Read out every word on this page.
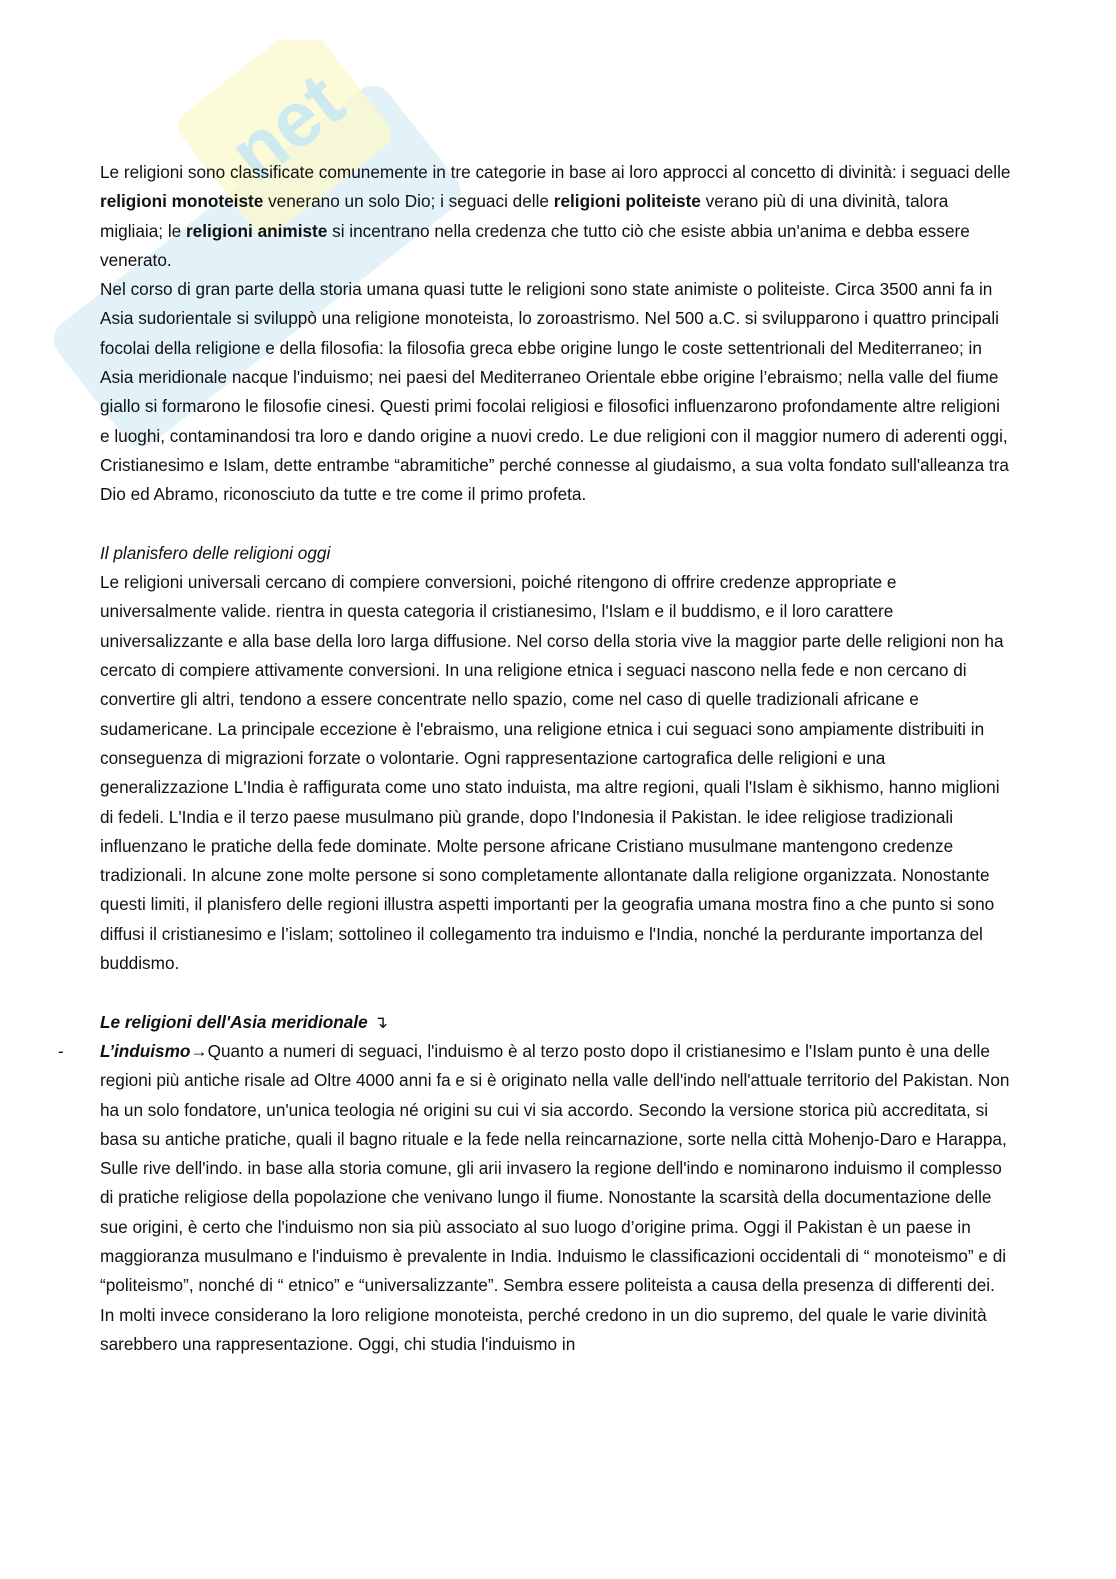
net

Le religioni sono classificate comunemente in tre categorie in base ai loro approcci al concetto di divinità: i seguaci delle religioni monoteiste venerano un solo Dio; i seguaci delle religioni politeiste verano più di una divinità, talora migliaia; le religioni animiste si incentrano nella credenza che tutto ciò che esiste abbia un'anima e debba essere venerato.

Nel corso di gran parte della storia umana quasi tutte le religioni sono state animiste o politeiste. Circa 3500 anni fa in Asia sudorientale si sviluppò una religione monoteista, lo zoroastrismo. Nel 500 a.C. si svilupparono i quattro principali focolai della religione e della filosofia: la filosofia greca ebbe origine lungo le coste settentrionali del Mediterraneo; in Asia meridionale nacque l'induismo; nei paesi del Mediterraneo Orientale ebbe origine l’ebraismo; nella valle del fiume giallo si formarono le filosofie cinesi. Questi primi focolai religiosi e filosofici influenzarono profondamente altre religioni e luoghi, contaminandosi tra loro e dando origine a nuovi credo. Le due religioni con il maggior numero di aderenti oggi, Cristianesimo e Islam, dette entrambe “abramitiche” perché connesse al giudaismo, a sua volta fondato sull'alleanza tra Dio ed Abramo, riconosciuto da tutte e tre come il primo profeta.

Il planisfero delle religioni oggi

Le religioni universali cercano di compiere conversioni, poiché ritengono di offrire credenze appropriate e universalmente valide. rientra in questa categoria il cristianesimo, l'Islam e il buddismo, e il loro carattere universalizzante e alla base della loro larga diffusione. Nel corso della storia vive la maggior parte delle religioni non ha cercato di compiere attivamente conversioni. In una religione etnica i seguaci nascono nella fede e non cercano di convertire gli altri, tendono a essere concentrate nello spazio, come nel caso di quelle tradizionali africane e sudamericane. La principale eccezione è l'ebraismo, una religione etnica i cui seguaci sono ampiamente distribuiti in conseguenza di migrazioni forzate o volontarie. Ogni rappresentazione cartografica delle religioni e una generalizzazione L'India è raffigurata come uno stato induista, ma altre regioni, quali l'Islam è sikhismo, hanno miglioni di fedeli. L'India e il terzo paese musulmano più grande, dopo l'Indonesia il Pakistan. le idee religiose tradizionali influenzano le pratiche della fede dominate. Molte persone africane Cristiano musulmane mantengono credenze tradizionali. In alcune zone molte persone si sono completamente allontanate dalla religione organizzata. Nonostante questi limiti, il planisfero delle regioni illustra aspetti importanti per la geografia umana mostra fino a che punto si sono diffusi il cristianesimo e l’islam; sottolineo il collegamento tra induismo e l'India, nonché la perdurante importanza del buddismo.

Le religioni dell'Asia meridionale ↴

- L’induismo→Quanto a numeri di seguaci, l'induismo è al terzo posto dopo il cristianesimo e l'Islam punto è una delle regioni più antiche risale ad Oltre 4000 anni fa e si è originato nella valle dell'indo nell'attuale territorio del Pakistan. Non ha un solo fondatore, un'unica teologia né origini su cui vi sia accordo. Secondo la versione storica più accreditata, si basa su antiche pratiche, quali il bagno rituale e la fede nella reincarnazione, sorte nella città Mohenjo-Daro e Harappa, Sulle rive dell'indo. in base alla storia comune, gli arii invasero la regione dell'indo e nominarono induismo il complesso di pratiche religiose della popolazione che venivano lungo il fiume. Nonostante la scarsità della documentazione delle sue origini, è certo che l'induismo non sia più associato al suo luogo d’origine prima. Oggi il Pakistan è un paese in maggioranza musulmano e l'induismo è prevalente in India. Induismo le classificazioni occidentali di “ monoteismo” e di “politeismo”, nonché di “ etnico” e “universalizzante”. Sembra essere politeista a causa della presenza di differenti dei. In molti invece considerano la loro religione monoteista, perché credono in un dio supremo, del quale le varie divinità sarebbero una rappresentazione. Oggi, chi studia l'induismo in
